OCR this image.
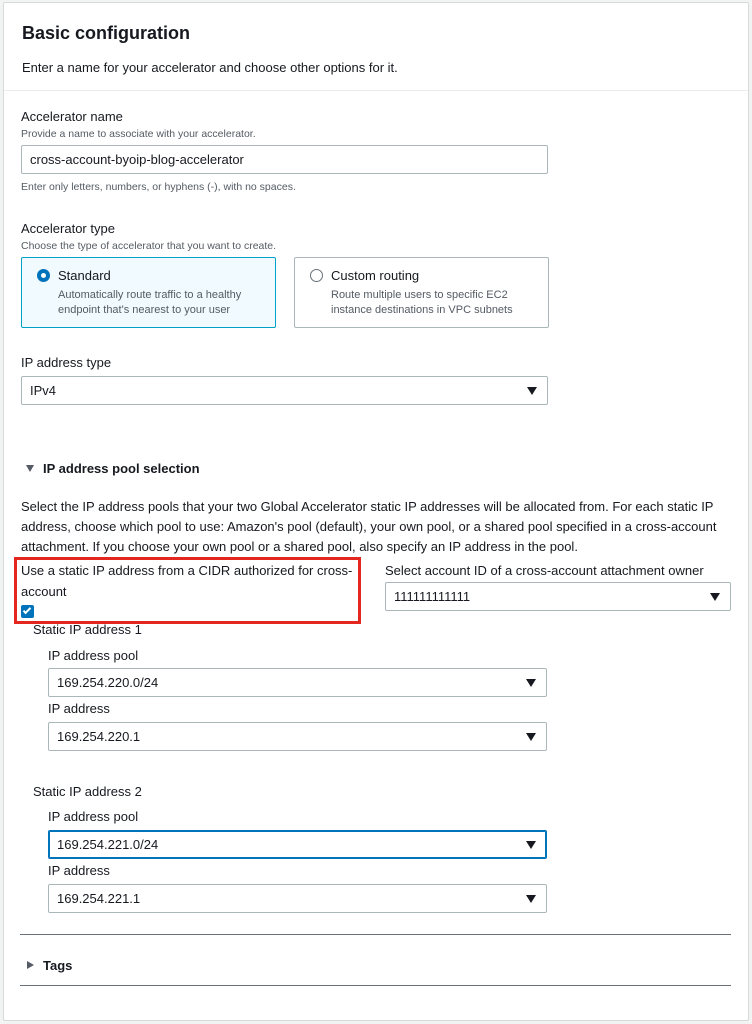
Basic configuration
Enter a name for your accelerator and choose other options for it.
Accelerator name
Provide a name to associate with your accelerator.
cross-account-byoip-blog-accelerator
Enter only letters, numbers, or hyphens (-), with no spaces.
Accelerator type
Choose the type of accelerator that you want to create.
Standard
Automatically route traffic to a healthy
endpoint that's nearest to your user
Custom routing
Route multiple users to specific EC2
instance destinations in VPC subnets
IP address type
IPv4
IP address pool selection
Select the IP address pools that your two Global Accelerator static IP addresses will be allocated from. For each static IP address, choose which pool to use: Amazon's pool (default), your own pool, or a shared pool specified in a cross-account attachment. If you choose your own pool or a shared pool, also specify an IP address in the pool.
Use a static IP address from a CIDR authorized for cross-
account
Select account ID of a cross-account attachment owner
111111111111
Static IP address 1
IP address pool
169.254.220.0/24
IP address
169.254.220.1
Static IP address 2
IP address pool
169.254.221.0/24
IP address
169.254.221.1
Tags
